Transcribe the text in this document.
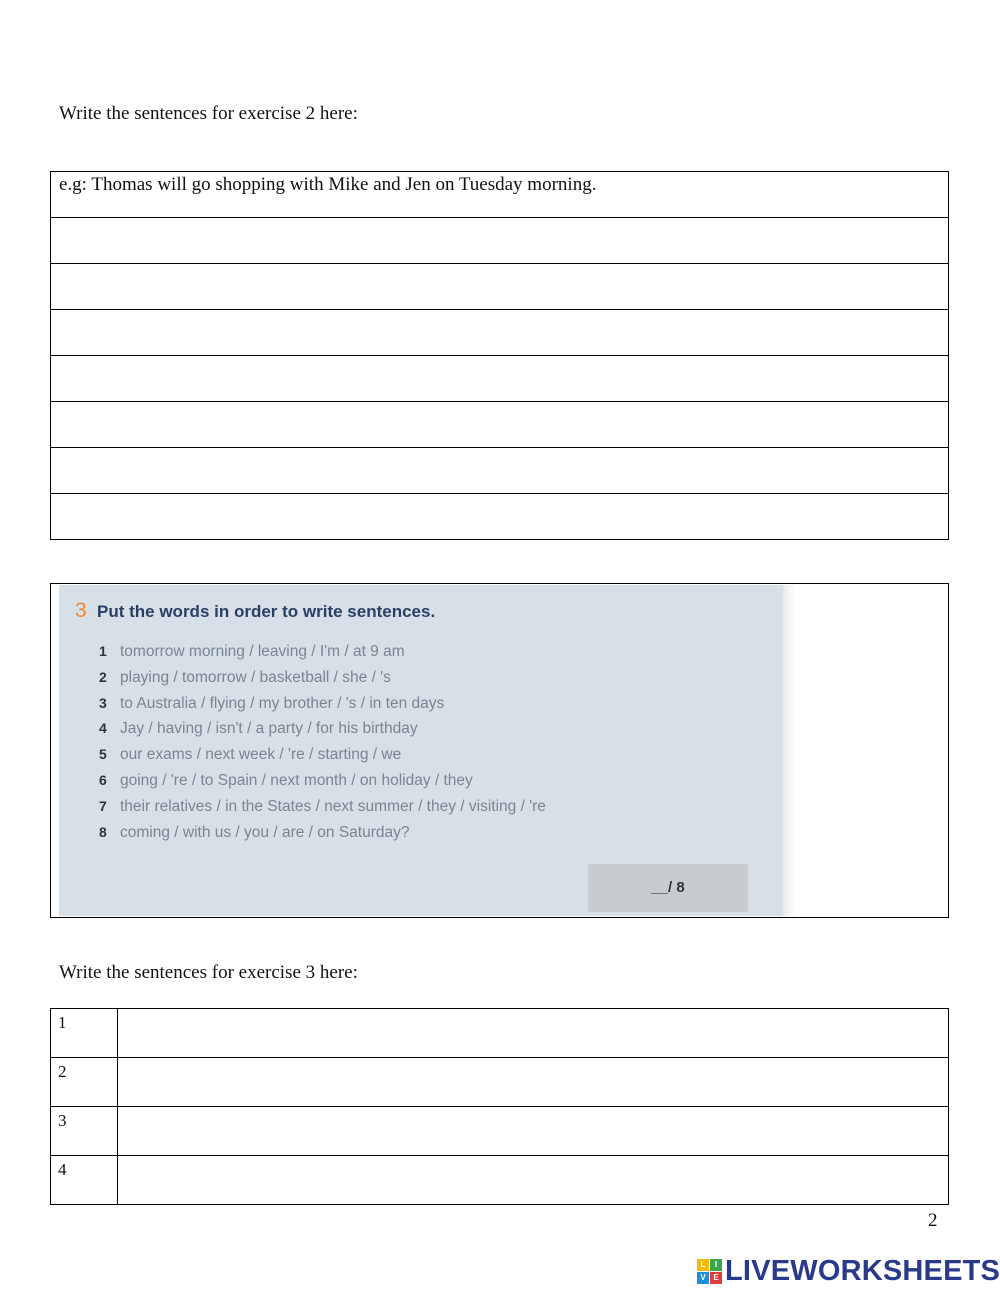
Write the sentences for exercise 2 here:
e.g: Thomas will go shopping with Mike and Jen on Tuesday morning.

3 Put the words in order to write sentences.
1 tomorrow morning / leaving / I'm / at 9 am
2 playing / tomorrow / basketball / she / 's
3 to Australia / flying / my brother / 's / in ten days
4 Jay / having / isn't / a party / for his birthday
5 our exams / next week / 're / starting / we
6 going / 're / to Spain / next month / on holiday / they
7 their relatives / in the States / next summer / they / visiting / 're
8 coming / with us / you / are / on Saturday?
__/ 8
Write the sentences for exercise 3 here:
1	
2	
3	
4	
2
L	I
V E LIVEWORKSHEETS
